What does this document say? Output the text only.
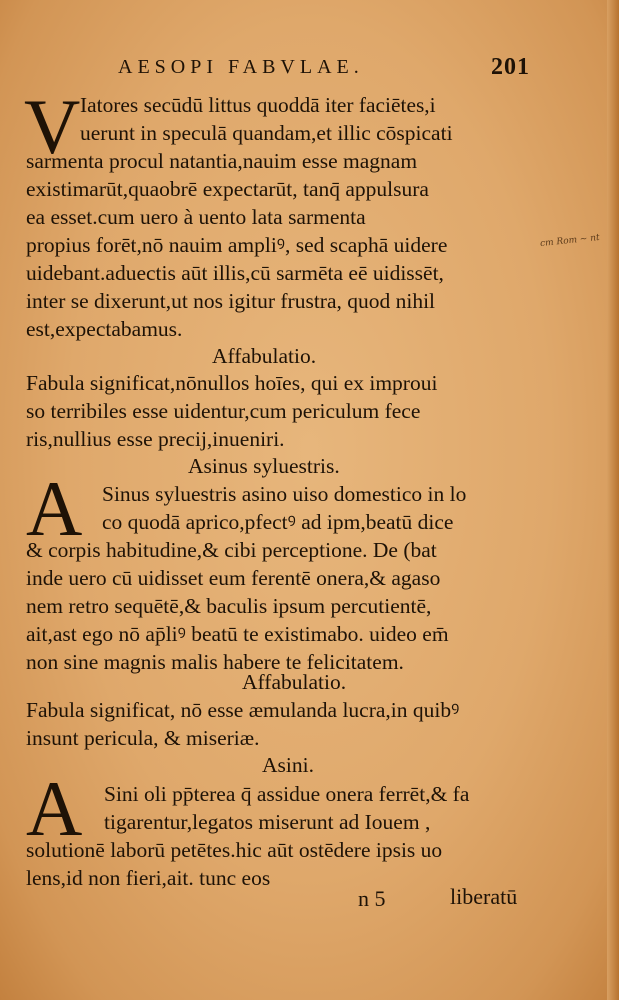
AESOPI FABVLAE.	201
V Iatores secūdū littus quoddā iter faciētes,i
uerunt in speculā quandam,et illic cōspicati
sarmenta procul natantia,nauim esse magnam
existimarūt,quaobrē expectarūt, tanq̄ appulsura
ea esset.cum uero à uento lata sarmenta
propius forēt,nō nauim ampliꝰ, sed scaphā uidere
uidebant.aduectis aūt illis,cū sarmēta eē uidissēt,
inter se dixerunt,ut nos igitur frustra, quod nihil
est,expectabamus.
Affabulatio.
Fabula significat,nōnullos hoīes, qui ex improui
so terribiles esse uidentur,cum periculum fece
ris,nullius esse precij,inueniri.
Asinus syluestris.
A Sinus syluestris asino uiso domestico in lo
co quodā aprico,pfectꝰ ad ipm,beatū dice
& corpis habitudine,& cibi perceptione. De (bat
inde uero cū uidisset eum ferentē onera,& agaso
nem retro sequētē,& baculis ipsum percutientē,
ait,ast ego nō ap̄liꝰ beatū te existimabo. uideo em̄
non sine magnis malis habere te felicitatem.
Affabulatio.
Fabula significat, nō esse æmulanda lucra,in quibꝰ
insunt pericula, & miseriæ.
Asini.
A Sini oli pp̄terea q̄ assidue onera ferrēt,& fa
tigarentur,legatos miserunt ad Iouem ,
solutionē laborū petētes.hic aūt ostēdere ipsis uo
lens,id non fieri,ait. tunc eos
cm Rom ~ nt
n 5	liberatū
